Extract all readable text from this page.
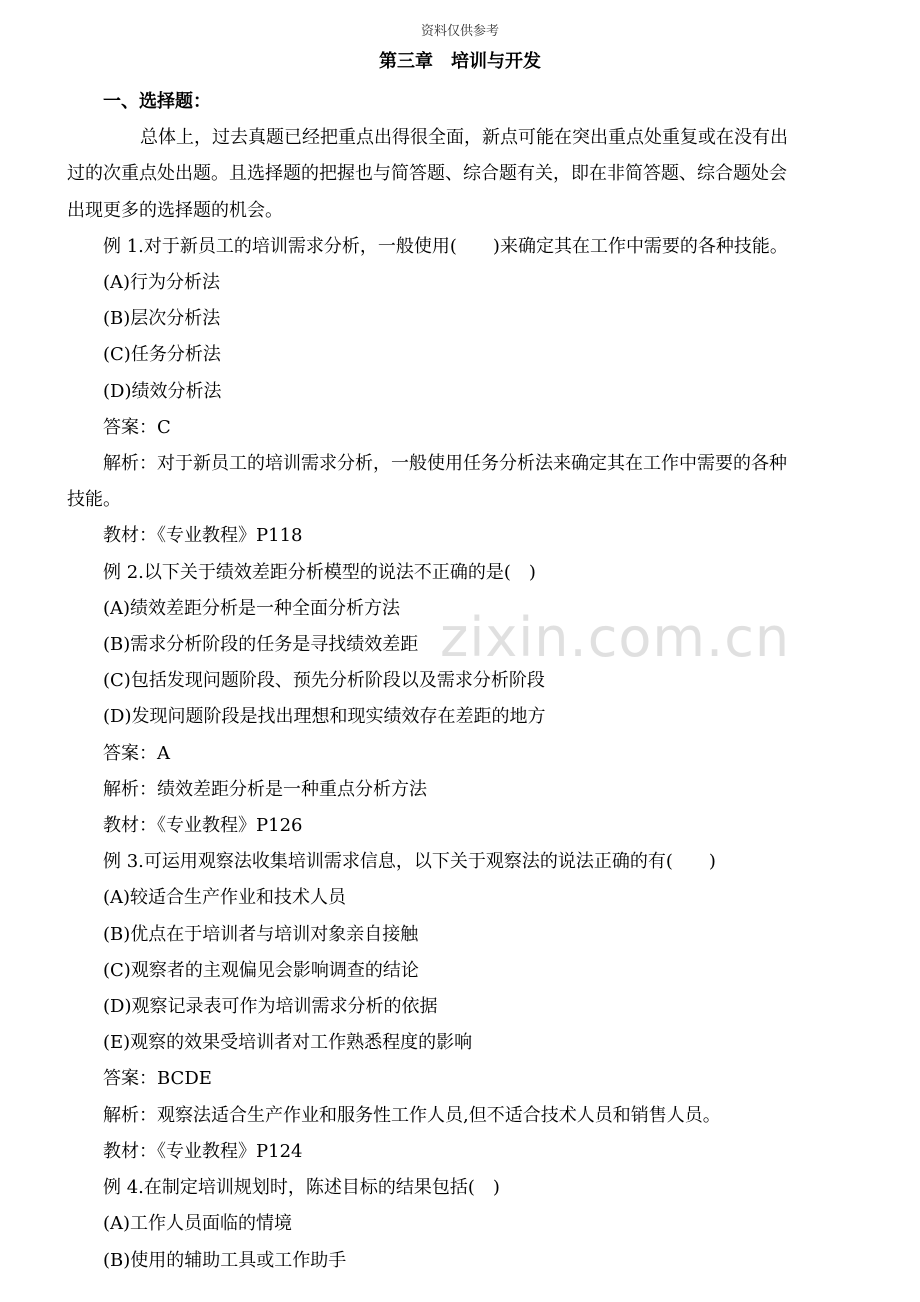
资料仅供参考
第三章　培训与开发
一、选择题：
总体上，过去真题已经把重点出得很全面，新点可能在突出重点处重复或在没有出
过的次重点处出题。且选择题的把握也与简答题、综合题有关，即在非简答题、综合题处会
出现更多的选择题的机会。
例 1.对于新员工的培训需求分析，一般使用(　　)来确定其在工作中需要的各种技能。
(A)行为分析法
(B)层次分析法
(C)任务分析法
(D)绩效分析法
答案：C
解析：对于新员工的培训需求分析，一般使用任务分析法来确定其在工作中需要的各种
技能。
教材：《专业教程》P118
例 2.以下关于绩效差距分析模型的说法不正确的是(　)
(A)绩效差距分析是一种全面分析方法
(B)需求分析阶段的任务是寻找绩效差距
(C)包括发现问题阶段、预先分析阶段以及需求分析阶段
(D)发现问题阶段是找出理想和现实绩效存在差距的地方
答案：A
解析：绩效差距分析是一种重点分析方法
教材：《专业教程》P126
例 3.可运用观察法收集培训需求信息，以下关于观察法的说法正确的有(　　)
(A)较适合生产作业和技术人员
(B)优点在于培训者与培训对象亲自接触
(C)观察者的主观偏见会影响调查的结论
(D)观察记录表可作为培训需求分析的依据
(E)观察的效果受培训者对工作熟悉程度的影响
答案：BCDE
解析：观察法适合生产作业和服务性工作人员,但不适合技术人员和销售人员。
教材：《专业教程》P124
例 4.在制定培训规划时，陈述目标的结果包括(　)
(A)工作人员面临的情境
(B)使用的辅助工具或工作助手
zixin.com.cn
